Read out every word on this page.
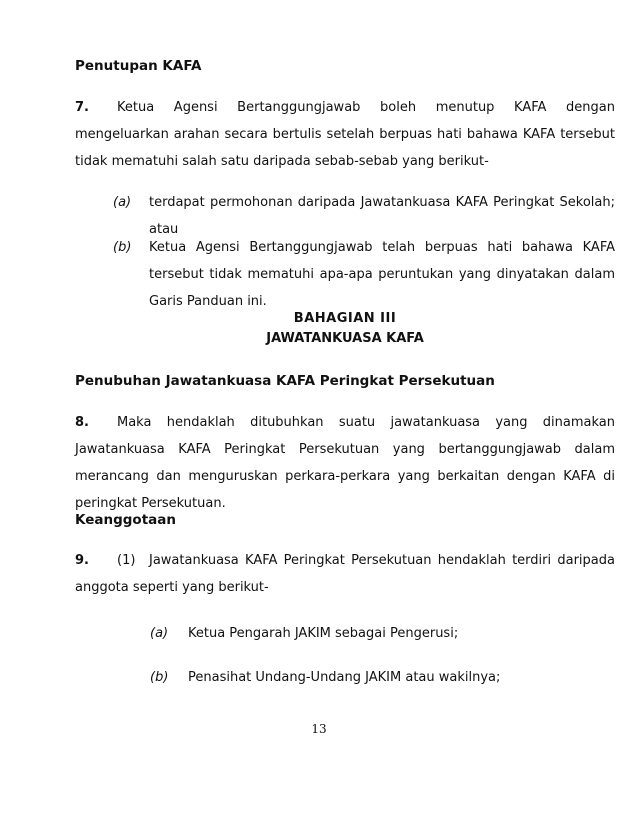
Penutupan KAFA

7. Ketua Agensi Bertanggungjawab boleh menutup KAFA dengan mengeluarkan arahan secara bertulis setelah berpuas hati bahawa KAFA tersebut tidak mematuhi salah satu daripada sebab-sebab yang berikut-

(a)	terdapat permohonan daripada Jawatankuasa KAFA Peringkat Sekolah; atau
(b)	Ketua Agensi Bertanggungjawab telah berpuas hati bahawa KAFA tersebut tidak mematuhi apa-apa peruntukan yang dinyatakan dalam Garis Panduan ini.
BAHAGIAN III
JAWATANKUASA KAFA
Penubuhan Jawatankuasa KAFA Peringkat Persekutuan

8. Maka hendaklah ditubuhkan suatu jawatankuasa yang dinamakan Jawatankuasa KAFA Peringkat Persekutuan yang bertanggungjawab dalam merancang dan menguruskan perkara-perkara yang berkaitan dengan KAFA di peringkat Persekutuan.

Keanggotaan

9. (1) Jawatankuasa KAFA Peringkat Persekutuan hendaklah terdiri daripada anggota seperti yang berikut-

(a)	Ketua Pengarah JAKIM sebagai Pengerusi;
(b)	Penasihat Undang-Undang JAKIM atau wakilnya;
13
